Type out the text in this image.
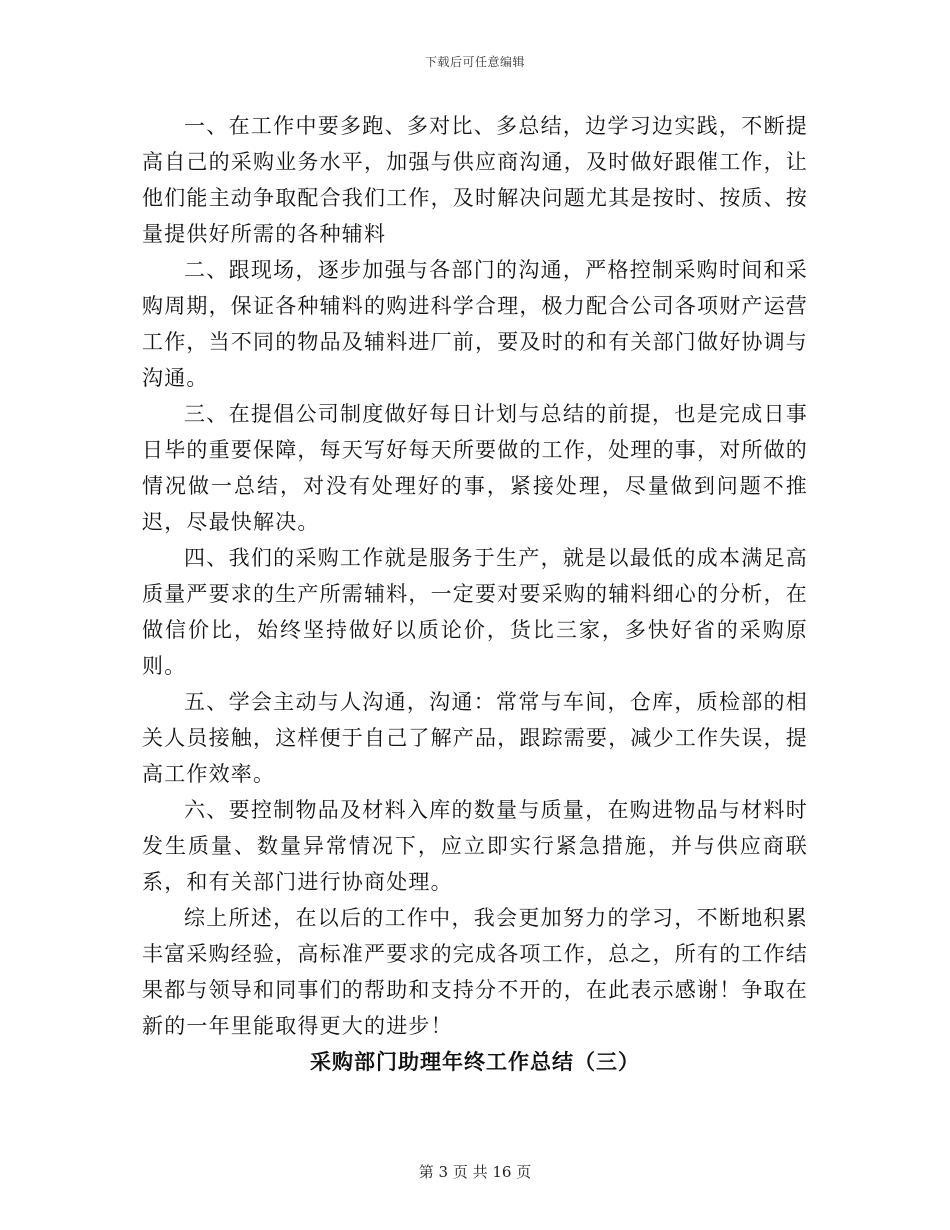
下载后可任意编辑

一、在工作中要多跑、多对比、多总结，边学习边实践，不断提高自己的采购业务水平，加强与供应商沟通，及时做好跟催工作，让他们能主动争取配合我们工作，及时解决问题尤其是按时、按质、按量提供好所需的各种辅料

二、跟现场，逐步加强与各部门的沟通，严格控制采购时间和采购周期，保证各种辅料的购进科学合理，极力配合公司各项财产运营工作，当不同的物品及辅料进厂前，要及时的和有关部门做好协调与沟通。

三、在提倡公司制度做好每日计划与总结的前提，也是完成日事日毕的重要保障，每天写好每天所要做的工作，处理的事，对所做的情况做一总结，对没有处理好的事，紧接处理，尽量做到问题不推迟，尽最快解决。

四、我们的采购工作就是服务于生产，就是以最低的成本满足高质量严要求的生产所需辅料，一定要对要采购的辅料细心的分析，在做信价比，始终坚持做好以质论价，货比三家，多快好省的采购原则。

五、学会主动与人沟通，沟通：常常与车间，仓库，质检部的相关人员接触，这样便于自己了解产品，跟踪需要，减少工作失误，提高工作效率。

六、要控制物品及材料入库的数量与质量，在购进物品与材料时发生质量、数量异常情况下，应立即实行紧急措施，并与供应商联系，和有关部门进行协商处理。

综上所述，在以后的工作中，我会更加努力的学习，不断地积累丰富采购经验，高标准严要求的完成各项工作，总之，所有的工作结果都与领导和同事们的帮助和支持分不开的，在此表示感谢！争取在新的一年里能取得更大的进步！

采购部门助理年终工作总结（三）

第 3 页 共 16 页
